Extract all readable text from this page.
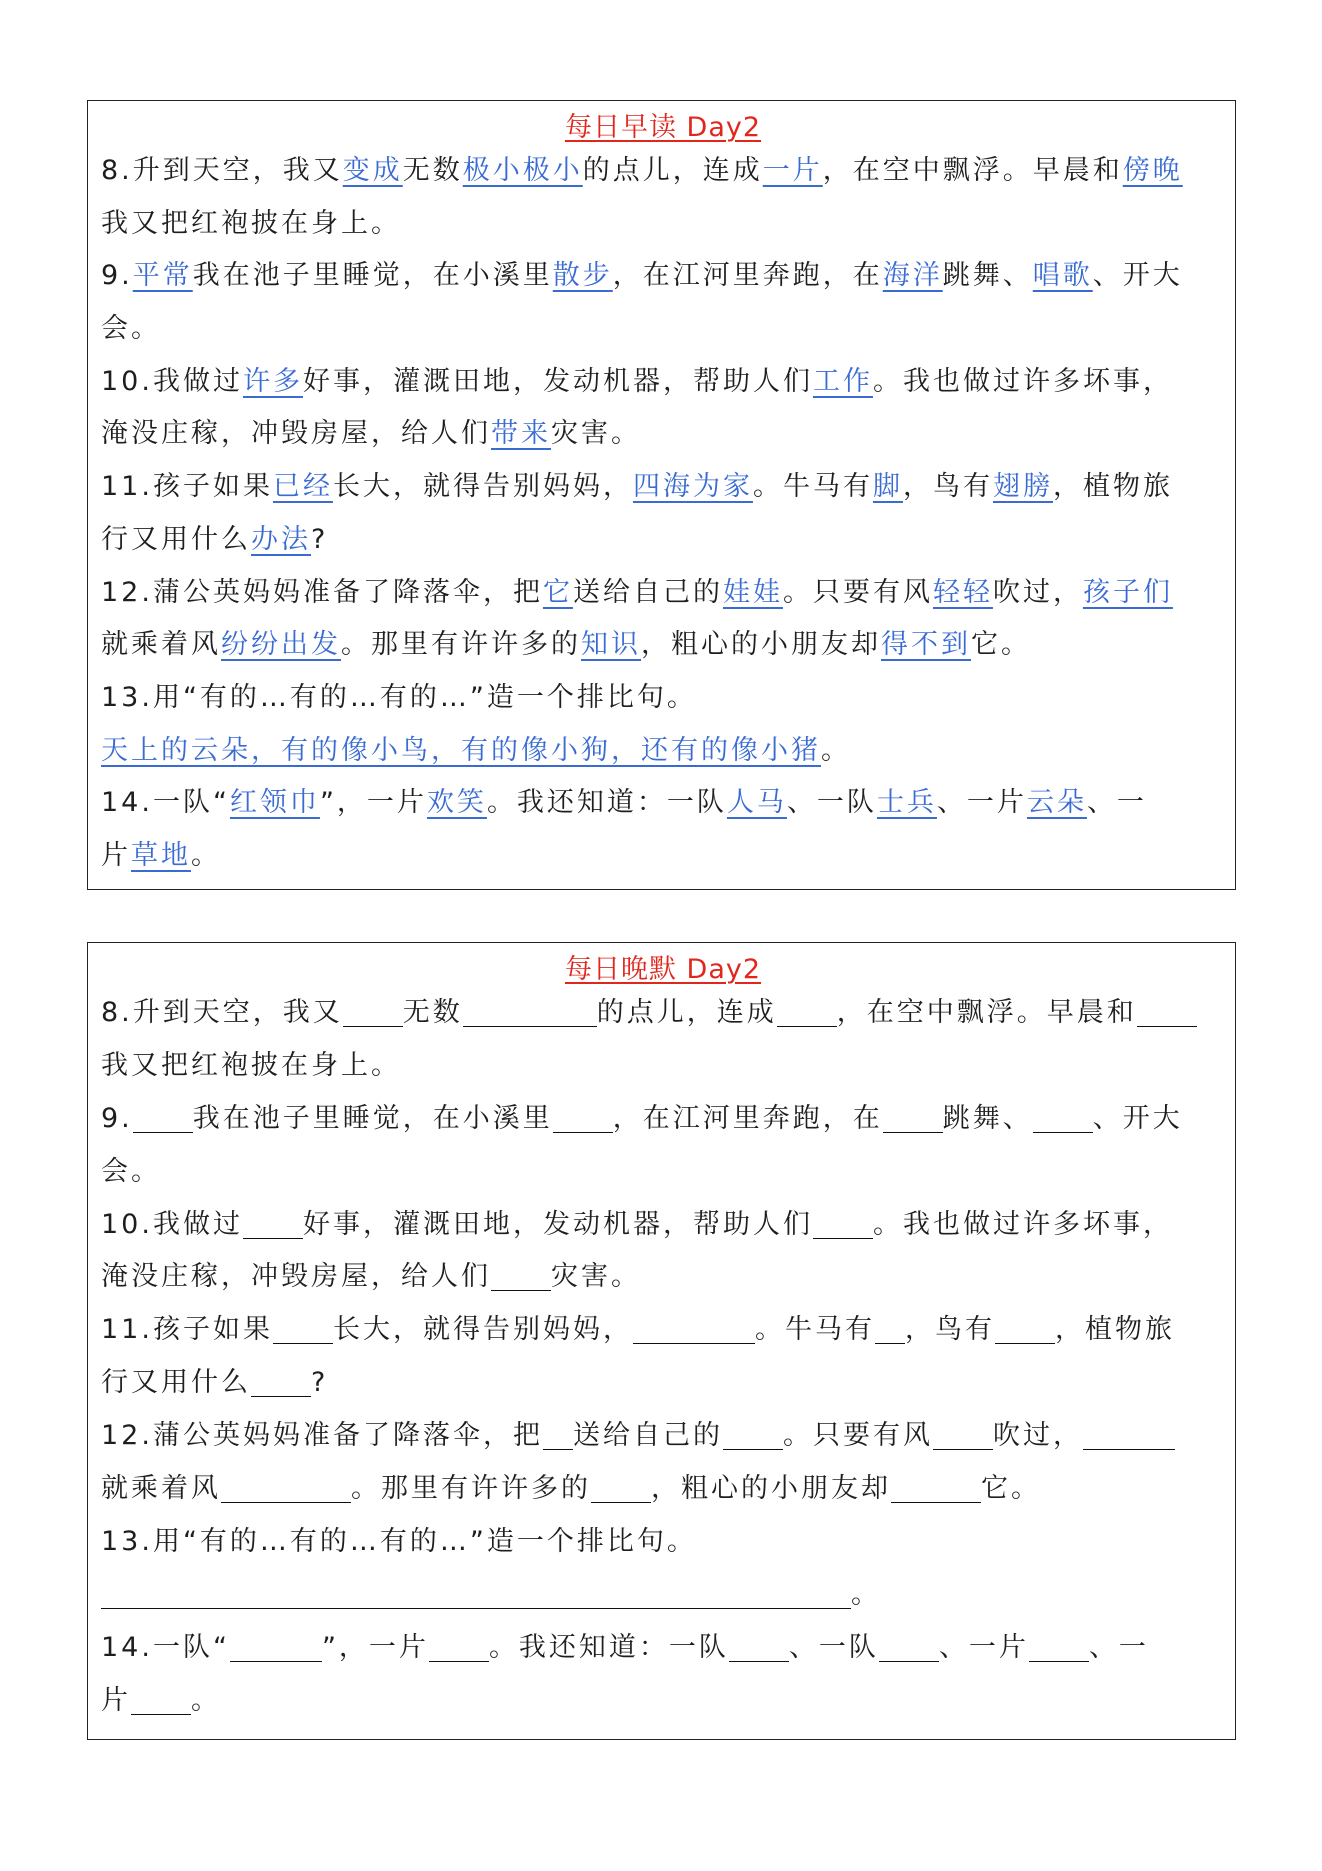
每日早读 Day2
8.升到天空，我又变成无数极小极小的点儿，连成一片，在空中飘浮。早晨和傍晚
我又把红袍披在身上。
9.平常我在池子里睡觉，在小溪里散步，在江河里奔跑，在海洋跳舞、唱歌、开大
会。
10.我做过许多好事，灌溉田地，发动机器，帮助人们工作。我也做过许多坏事，
淹没庄稼，冲毁房屋，给人们带来灾害。
11.孩子如果已经长大，就得告别妈妈，四海为家。牛马有脚，鸟有翅膀，植物旅
行又用什么办法?
12.蒲公英妈妈准备了降落伞，把它送给自己的娃娃。只要有风轻轻吹过，孩子们
就乘着风纷纷出发。那里有许许多的知识，粗心的小朋友却得不到它。
13.用“有的…有的…有的…”造一个排比句。
天上的云朵，有的像小鸟，有的像小狗，还有的像小猪。
14.一队“红领巾”，一片欢笑。我还知道：一队人马、一队士兵、一片云朵、一
片草地。
每日晚默 Day2
8.升到天空，我又 无数	的点儿，连成 ，在空中飘浮。早晨和
我又把红袍披在身上。
9. 我在池子里睡觉，在小溪里 ，在江河里奔跑，在 跳舞、 、开大
会。
10.我做过 好事，灌溉田地，发动机器，帮助人们 。我也做过许多坏事，
淹没庄稼，冲毁房屋，给人们 灾害。
11.孩子如果 长大，就得告别妈妈，	。牛马有 ，鸟有 ，植物旅
行又用什么 ?
12.蒲公英妈妈准备了降落伞，把 送给自己的 。只要有风 吹过，
就乘着风	。那里有许许多的 ，粗心的小朋友却	它。
13.用“有的…有的…有的…”造一个排比句。
。
14.一队“	”，一片 。我还知道：一队 、一队 、一片 、一
片 。
